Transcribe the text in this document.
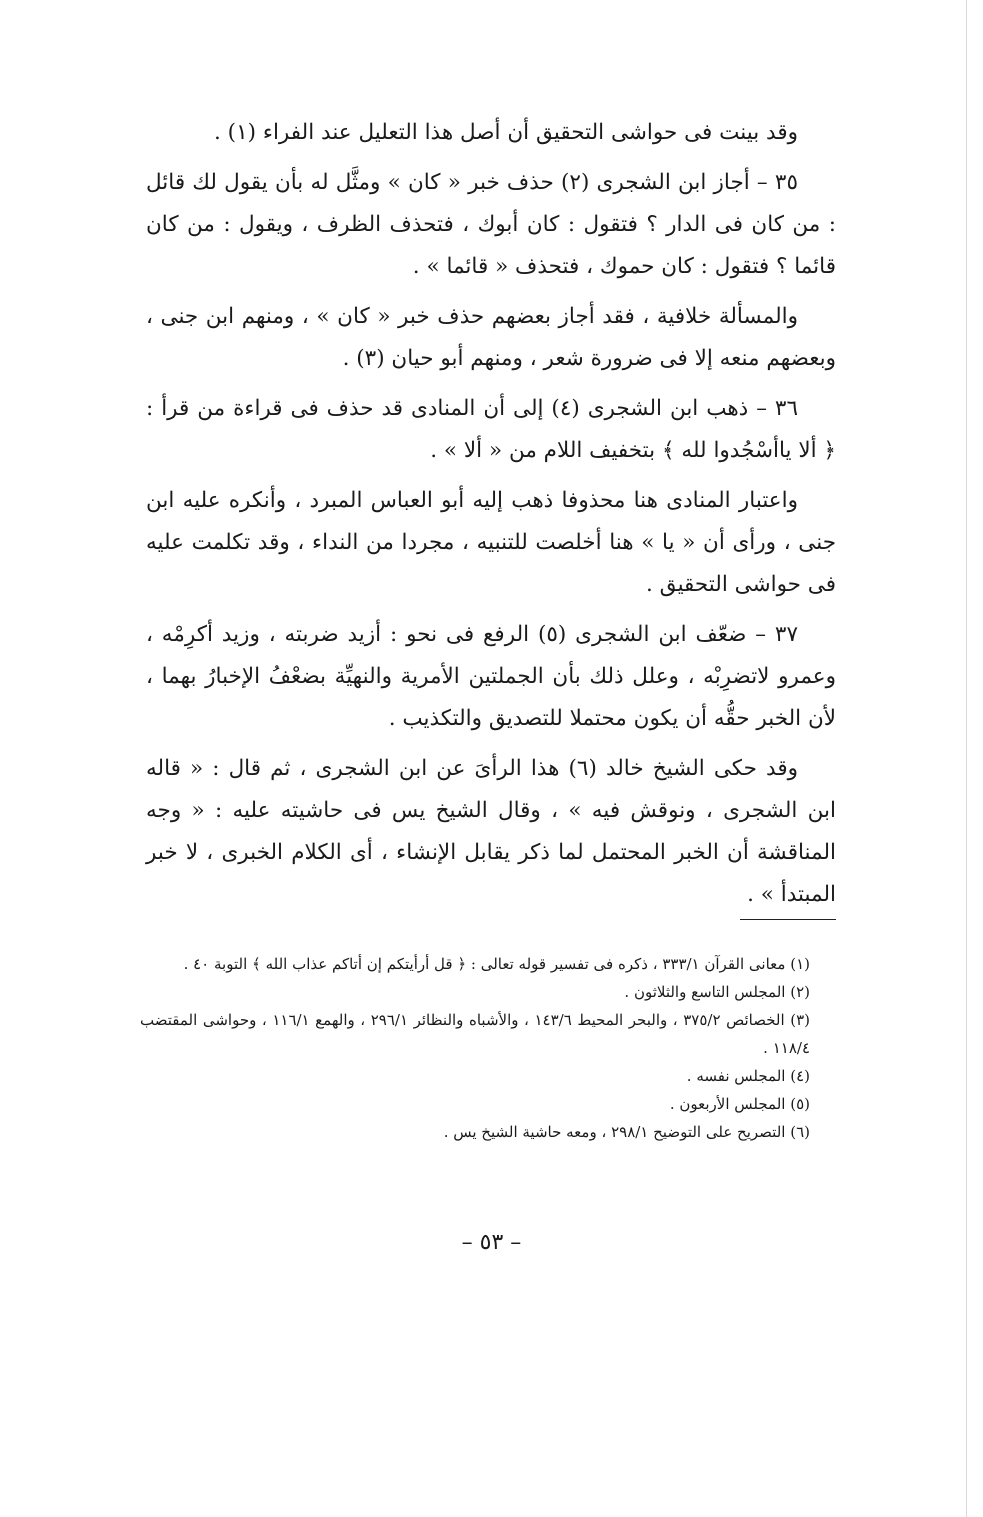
وقد بينت فى حواشى التحقيق أن أصل هذا التعليل عند الفراء (١) .

٣٥ – أجاز ابن الشجرى (٢) حذف خبر « كان » ومثَّل له بأن يقول لك قائل : من كان فى الدار ؟ فتقول : كان أبوك ، فتحذف الظرف ، ويقول : من كان قائما ؟ فتقول : كان حموك ، فتحذف « قائما » .

والمسألة خلافية ، فقد أجاز بعضهم حذف خبر « كان » ، ومنهم ابن جنى ، وبعضهم منعه إلا فى ضرورة شعر ، ومنهم أبو حيان (٣) .

٣٦ – ذهب ابن الشجرى (٤) إلى أن المنادى قد حذف فى قراءة من قرأ : ﴿ ألا ياأسْجُدوا لله ﴾ بتخفيف اللام من « ألا » .

واعتبار المنادى هنا محذوفا ذهب إليه أبو العباس المبرد ، وأنكره عليه ابن جنى ، ورأى أن « يا » هنا أخلصت للتنبيه ، مجردا من النداء ، وقد تكلمت عليه فى حواشى التحقيق .

٣٧ – ضعّف ابن الشجرى (٥) الرفع فى نحو : أزيد ضربته ، وزيد أكرِمْه ، وعمرو لاتضرِبْه ، وعلل ذلك بأن الجملتين الأمرية والنهيِّة بضعْفُ الإخبارُ بهما ، لأن الخبر حقُّه أن يكون محتملا للتصديق والتكذيب .

وقد حكى الشيخ خالد (٦) هذا الرأىَ عن ابن الشجرى ، ثم قال : « قاله ابن الشجرى ، ونوقش فيه » ، وقال الشيخ يس فى حاشيته عليه : « وجه المناقشة أن الخبر المحتمل لما ذكر يقابل الإنشاء ، أى الكلام الخبرى ، لا خبر المبتدأ » .

(١) معانى القرآن ٣٣٣/١ ، ذكره فى تفسير قوله تعالى : ﴿ قل أرأيتكم إن أتاكم عذاب الله ﴾ التوبة ٤٠ .

(٢) المجلس التاسع والثلاثون .

(٣) الخصائص ٣٧٥/٢ ، والبحر المحيط ١٤٣/٦ ، والأشباه والنظائر ٢٩٦/١ ، والهمع ١١٦/١ ، وحواشى المقتضب ١١٨/٤ .

(٤) المجلس نفسه .

(٥) المجلس الأربعون .

(٦) التصريح على التوضيح ٢٩٨/١ ، ومعه حاشية الشيخ يس .

– ٥٣ –
